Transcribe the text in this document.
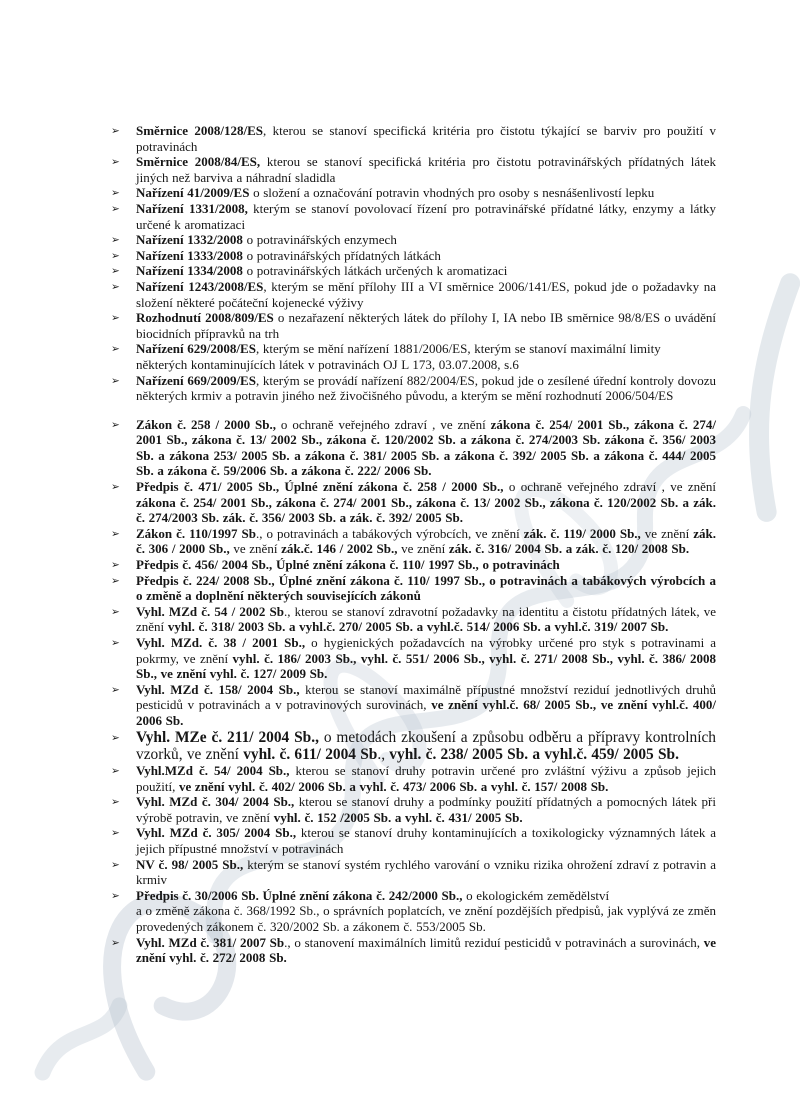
➢ Směrnice 2008/128/ES, kterou se stanoví specifická kritéria pro čistotu týkající se barviv pro použití v potravinách
➢ Směrnice 2008/84/ES, kterou se stanoví specifická kritéria pro čistotu potravinářských přídatných látek jiných než barviva a náhradní sladidla
➢ Nařízení 41/2009/ES o složení a označování potravin vhodných pro osoby s nesnášenlivostí lepku
➢ Nařízení 1331/2008, kterým se stanoví povolovací řízení pro potravinářské přídatné látky, enzymy a látky určené k aromatizaci
➢ Nařízení 1332/2008 o potravinářských enzymech
➢ Nařízení 1333/2008 o potravinářských přídatných látkách
➢ Nařízení 1334/2008 o potravinářských látkách určených k aromatizaci
➢ Nařízení 1243/2008/ES, kterým se mění přílohy III a VI směrnice 2006/141/ES, pokud jde o požadavky na složení některé počáteční kojenecké výživy
➢ Rozhodnutí 2008/809/ES o nezařazení některých látek do přílohy I, IA nebo IB směrnice 98/8/ES o uvádění biocidních přípravků na trh
➢ Nařízení 629/2008/ES, kterým se mění nařízení 1881/2006/ES, kterým se stanoví maximální limity
některých kontaminujících látek v potravinách OJ L 173, 03.07.2008, s.6
➢ Nařízení 669/2009/ES, kterým se provádí nařízení 882/2004/ES, pokud jde o zesílené úřední kontroly dovozu některých krmiv a potravin jiného než živočišného původu, a kterým se mění rozhodnutí 2006/504/ES
➢ Zákon č. 258 / 2000 Sb., o ochraně veřejného zdraví , ve znění zákona č. 254/ 2001 Sb., zákona č. 274/ 2001 Sb., zákona č. 13/ 2002 Sb., zákona č. 120/2002 Sb. a zákona č. 274/2003 Sb. zákona č. 356/ 2003 Sb. a zákona 253/ 2005 Sb. a zákona č. 381/ 2005 Sb. a zákona č. 392/ 2005 Sb. a zákona č. 444/ 2005 Sb. a zákona č. 59/2006 Sb. a zákona č. 222/ 2006 Sb.
➢ Předpis č. 471/ 2005 Sb., Úplné znění zákona č. 258 / 2000 Sb., o ochraně veřejného zdraví , ve znění zákona č. 254/ 2001 Sb., zákona č. 274/ 2001 Sb., zákona č. 13/ 2002 Sb., zákona č. 120/2002 Sb. a zák. č. 274/2003 Sb. zák. č. 356/ 2003 Sb. a zák. č. 392/ 2005 Sb.
➢ Zákon č. 110/1997 Sb., o potravinách a tabákových výrobcích, ve znění zák. č. 119/ 2000 Sb., ve znění zák. č. 306 / 2000 Sb., ve znění zák.č. 146 / 2002 Sb., ve znění zák. č. 316/ 2004 Sb. a zák. č. 120/ 2008 Sb.
➢ Předpis č. 456/ 2004 Sb., Úplné znění zákona č. 110/ 1997 Sb., o potravinách
➢ Předpis č. 224/ 2008 Sb., Úplné znění zákona č. 110/ 1997 Sb., o potravinách a tabákových výrobcích a o změně a doplnění některých souvisejících zákonů
➢ Vyhl. MZd č. 54 / 2002 Sb., kterou se stanoví zdravotní požadavky na identitu a čistotu přídatných látek, ve znění vyhl. č. 318/ 2003 Sb. a vyhl.č. 270/ 2005 Sb. a vyhl.č. 514/ 2006 Sb. a vyhl.č. 319/ 2007 Sb.
➢ Vyhl. MZd. č. 38 / 2001 Sb., o hygienických požadavcích na výrobky určené pro styk s potravinami a pokrmy, ve znění vyhl. č. 186/ 2003 Sb., vyhl. č. 551/ 2006 Sb., vyhl. č. 271/ 2008 Sb., vyhl. č. 386/ 2008 Sb., ve znění vyhl. č. 127/ 2009 Sb.
➢ Vyhl. MZd č. 158/ 2004 Sb., kterou se stanoví maximálně přípustné množství reziduí jednotlivých druhů pesticidů v potravinách a v potravinových surovinách, ve znění vyhl.č. 68/ 2005 Sb., ve znění vyhl.č. 400/ 2006 Sb.
➢ Vyhl. MZe č. 211/ 2004 Sb., o metodách zkoušení a způsobu odběru a přípravy kontrolních vzorků, ve znění vyhl. č. 611/ 2004 Sb., vyhl. č. 238/ 2005 Sb. a vyhl.č. 459/ 2005 Sb.
➢ Vyhl.MZd č. 54/ 2004 Sb., kterou se stanoví druhy potravin určené pro zvláštní výživu a způsob jejich použití, ve znění vyhl. č. 402/ 2006 Sb. a vyhl. č. 473/ 2006 Sb. a vyhl. č. 157/ 2008 Sb.
➢ Vyhl. MZd č. 304/ 2004 Sb., kterou se stanoví druhy a podmínky použití přídatných a pomocných látek při výrobě potravin, ve znění vyhl. č. 152 /2005 Sb. a vyhl. č. 431/ 2005 Sb.
➢ Vyhl. MZd č. 305/ 2004 Sb., kterou se stanoví druhy kontaminujících a toxikologicky významných látek a jejich přípustné množství v potravinách
➢ NV č. 98/ 2005 Sb., kterým se stanoví systém rychlého varování o vzniku rizika ohrožení zdraví z potravin a krmiv
➢ Předpis č. 30/2006 Sb. Úplné znění zákona č. 242/2000 Sb., o ekologickém zemědělství
a o změně zákona č. 368/1992 Sb., o správních poplatcích, ve znění pozdějších předpisů, jak vyplývá ze změn provedených zákonem č. 320/2002 Sb. a zákonem č. 553/2005 Sb.
➢ Vyhl. MZd č. 381/ 2007 Sb., o stanovení maximálních limitů reziduí pesticidů v potravinách a surovinách, ve znění vyhl. č. 272/ 2008 Sb.
